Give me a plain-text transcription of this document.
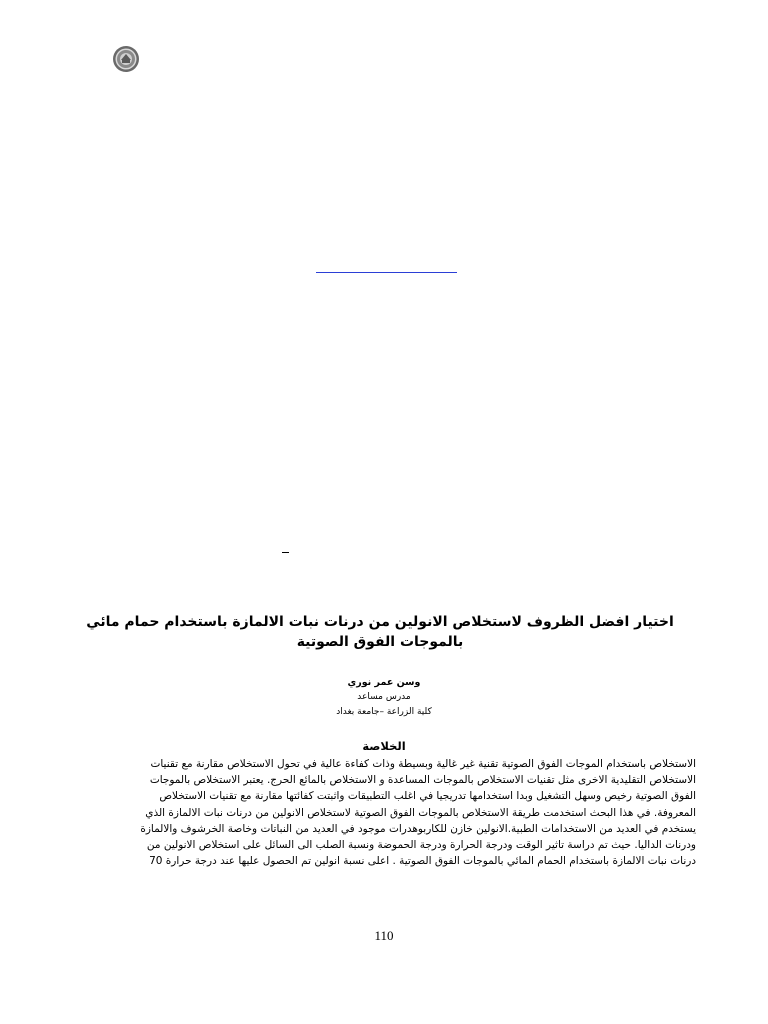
اختيار افضل الظروف لاستخلاص الانولين من درنات نبات الالمازة باستخدام حمام مائي بالموجات الفوق الصوتية
وسن عمر نوري
مدرس مساعد
كلية الزراعة –جامعة بغداد
الخلاصة
الاستخلاص باستخدام الموجات الفوق الصوتية تقنية غير غالية وبسيطة وذات كفاءة عالية في تحول الاستخلاص مقارنة مع تقنيات
الاستخلاص التقليدية الاخرى مثل تقنيات الاستخلاص بالموجات المساعدة و الاستخلاص بالمائع الحرج. يعتبر الاستخلاص بالموجات
الفوق الصوتية رخيص وسهل التشغيل وبدا استخدامها تدريجيا في اغلب التطبيقات واثبتت كفائتها مقارنة مع تقنيات الاستخلاص
المعروفة. في هذا البحث استخدمت طريقة الاستخلاص بالموجات الفوق الصوتية لاستخلاص الانولين من درنات نبات الالمازة الذي
يستخدم في العديد من الاستخدامات الطبية.الانولين خازن للكاربوهدرات موجود في العديد من النباتات وخاصة الخرشوف والالمازة
ودرنات الداليا. حيث تم دراسة تاثير الوقت ودرجة الحرارة ودرجة الحموضة ونسبة الصلب الى السائل على استخلاص الانولين من
درنات نبات الالمازة باستخدام الحمام المائي بالموجات الفوق الصوتية . اعلى نسبة انولين تم الحصول عليها عند درجة حرارة 70
110
